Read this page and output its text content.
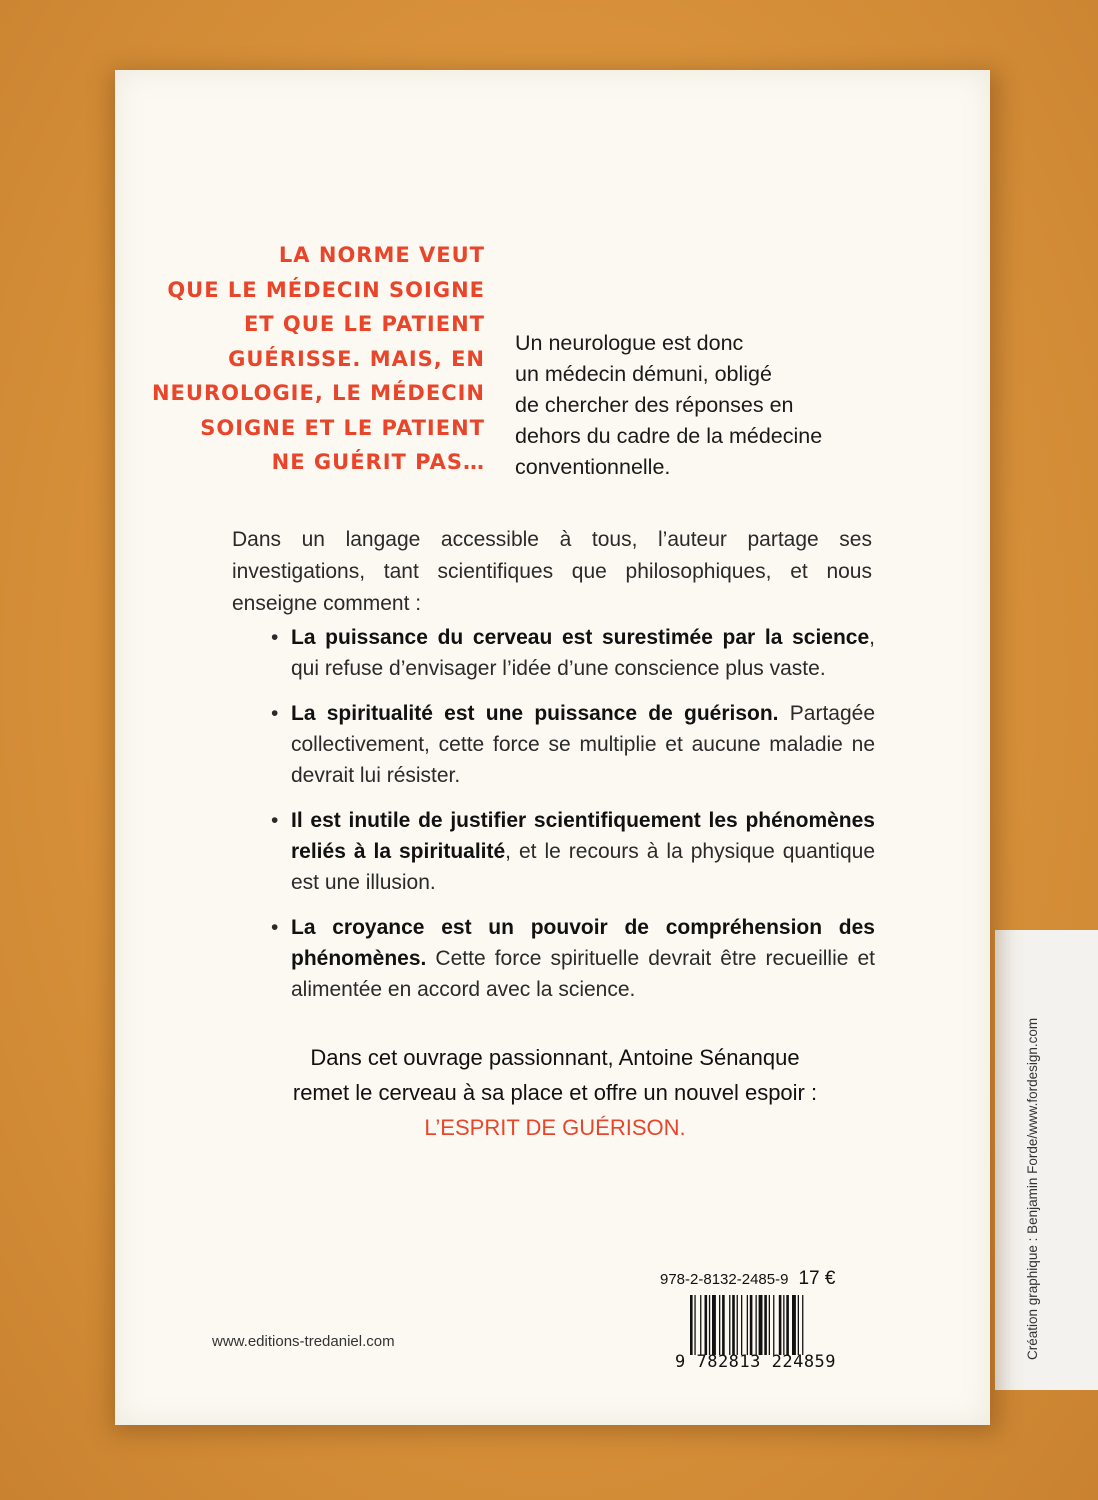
LA NORME VEUT
QUE LE MÉDECIN SOIGNE
ET QUE LE PATIENT
GUÉRISSE. MAIS, EN
NEUROLOGIE, LE MÉDECIN
SOIGNE ET LE PATIENT
NE GUÉRIT PAS…
Un neurologue est donc
un médecin démuni, obligé
de chercher des réponses en
dehors du cadre de la médecine
conventionnelle.
Dans un langage accessible à tous, l’auteur partage ses investigations, tant scientifiques que philosophiques, et nous enseigne comment :
• La puissance du cerveau est surestimée par la science, qui refuse d’envisager l’idée d’une conscience plus vaste.
• La spiritualité est une puissance de guérison. Partagée collectivement, cette force se multiplie et aucune maladie ne devrait lui résister.
• Il est inutile de justifier scientifiquement les phénomènes reliés à la spiritualité, et le recours à la physique quantique est une illusion.
• La croyance est un pouvoir de compréhension des phénomènes. Cette force spirituelle devrait être recueillie et alimentée en accord avec la science.
Dans cet ouvrage passionnant, Antoine Sénanque
remet le cerveau à sa place et offre un nouvel espoir :
L’ESPRIT DE GUÉRISON.
978-2-8132-2485-9 17 €
9 782813 224859
www.editions-tredaniel.com	Création graphique : Benjamin Forde/www.fordesign.com
